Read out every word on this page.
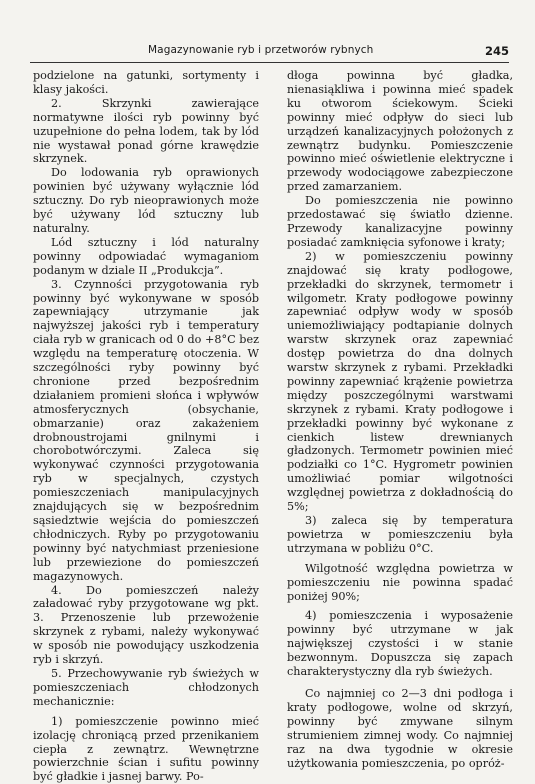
Magazynowanie ryb i przetworów rybnych	245

podzielone na gatunki, sortymenty i klasy jakości.

2. Skrzynki zawierające normatywne ilości ryb powinny być uzupełnione do pełna lodem, tak by lód nie wystawał ponad górne krawędzie skrzynek.

Do lodowania ryb oprawionych powinien być używany wyłącznie lód sztuczny. Do ryb nieoprawionych może być używany lód sztuczny lub naturalny.

Lód sztuczny i lód naturalny powinny odpowiadać wymaganiom podanym w dziale II „Produkcja”.

3. Czynności przygotowania ryb powinny być wykonywane w sposób zapewniający utrzymanie jak najwyższej jakości ryb i temperatury ciała ryb w granicach od 0 do +8°C bez względu na temperaturę otoczenia. W szczególności ryby powinny być chronione przed bezpośrednim działaniem promieni słońca i wpływów atmosferycznych (obsychanie, obmarzanie) oraz zakażeniem drobnoustrojami gnilnymi i chorobotwórczymi. Zaleca się wykonywać czynności przygotowania ryb w specjalnych, czystych pomieszczeniach manipulacyjnych znajdujących się w bezpośrednim sąsiedztwie wejścia do pomieszczeń chłodniczych. Ryby po przygotowaniu powinny być natychmiast przeniesione lub przewiezione do pomieszczeń magazynowych.

4. Do pomieszczeń należy załadować ryby przygotowane wg pkt. 3. Przenoszenie lub przewożenie skrzynek z rybami, należy wykonywać w sposób nie powodujący uszkodzenia ryb i skrzyń.

5. Przechowywanie ryb świeżych w pomieszczeniach chłodzonych mechanicznie:

1) pomieszczenie powinno mieć izolację chroniącą przed przenikaniem ciepła z zewnątrz. Wewnętrzne powierzchnie ścian i sufitu powinny być gładkie i jasnej barwy. Po-

dłoga powinna być gładka, nienasiąkliwa i powinna mieć spadek ku otworom ściekowym. Ścieki powinny mieć odpływ do sieci lub urządzeń kanalizacyjnych położonych z zewnątrz budynku. Pomieszczenie powinno mieć oświetlenie elektryczne i przewody wodociągowe zabezpieczone przed zamarzaniem.

Do pomieszczenia nie powinno przedostawać się światło dzienne. Przewody kanalizacyjne powinny posiadać zamknięcia syfonowe i kraty;

2) w pomieszczeniu powinny znajdować się kraty podłogowe, przekładki do skrzynek, termometr i wilgometr. Kraty podłogowe powinny zapewniać odpływ wody w sposób uniemożliwiający podtapianie dolnych warstw skrzynek oraz zapewniać dostęp powietrza do dna dolnych warstw skrzynek z rybami. Przekładki powinny zapewniać krążenie powietrza między poszczególnymi warstwami skrzynek z rybami. Kraty podłogowe i przekładki powinny być wykonane z cienkich listew drewnianych gładzonych. Termometr powinien mieć podziałki co 1°C. Hygrometr powinien umożliwiać pomiar wilgotności względnej powietrza z dokładnością do 5%;

3) zaleca się by temperatura powietrza w pomieszczeniu była utrzymana w pobliżu 0°C.

Wilgotność względna powietrza w pomieszczeniu nie powinna spadać poniżej 90%;

4) pomieszczenia i wyposażenie powinny być utrzymane w jak największej czystości i w stanie bezwonnym. Dopuszcza się zapach charakterystyczny dla ryb świeżych.

Co najmniej co 2—3 dni podłoga i kraty podłogowe, wolne od skrzyń, powinny być zmywane silnym strumieniem zimnej wody. Co najmniej raz na dwa tygodnie w okresie użytkowania pomieszczenia, po opróż-
